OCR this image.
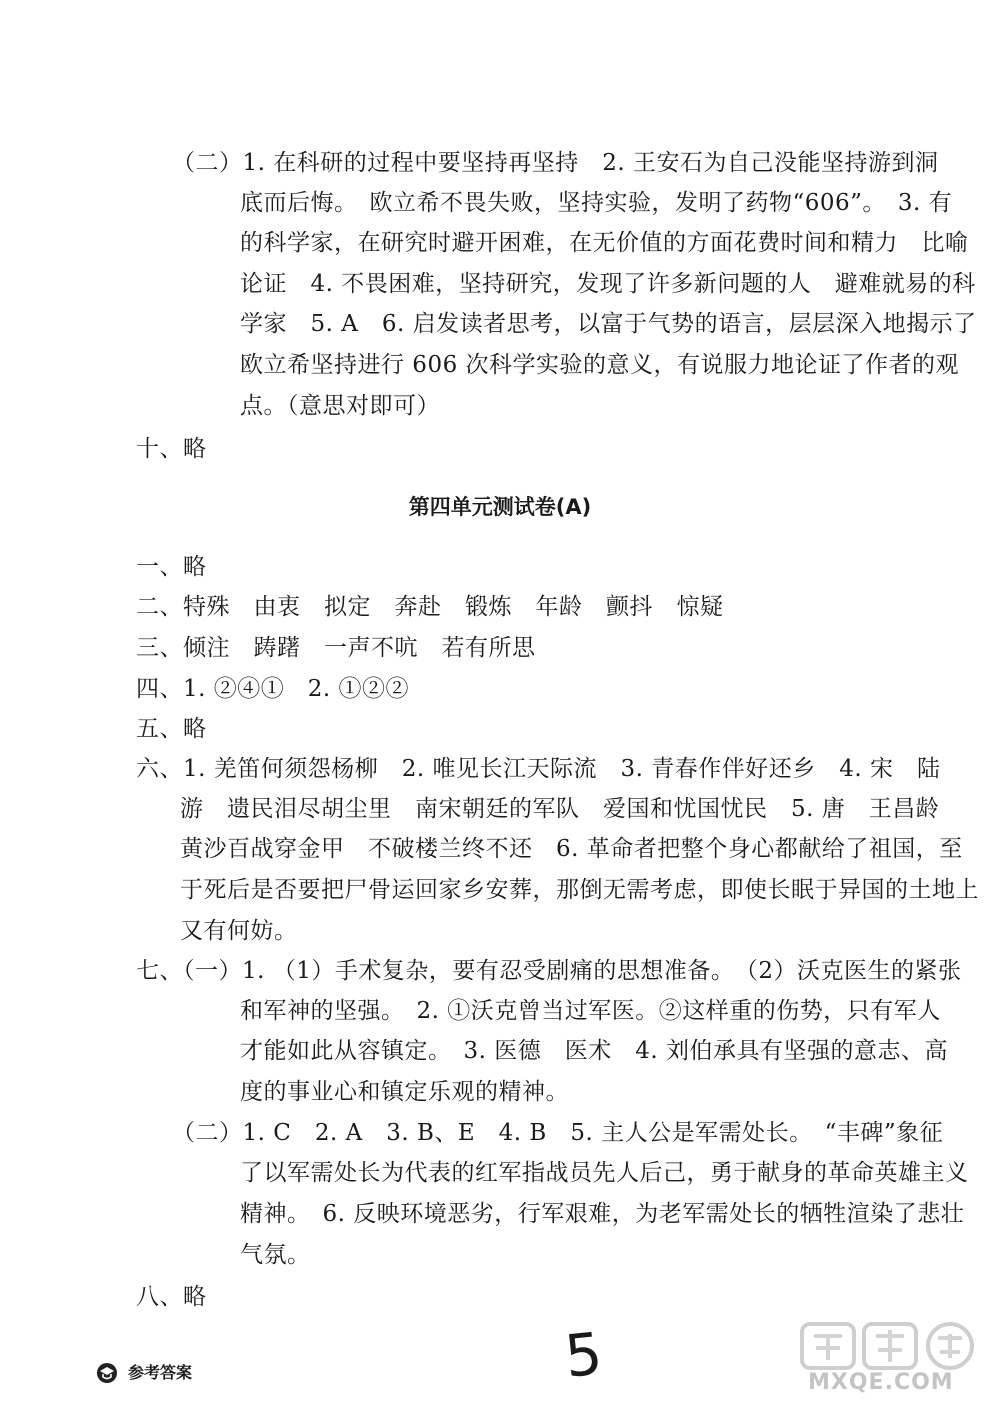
（二）1. 在科研的过程中要坚持再坚持　2. 王安石为自己没能坚持游到洞
底而后悔。　欧立希不畏失败，坚持实验，发明了药物“606”。　3. 有
的科学家，在研究时避开困难，在无价值的方面花费时间和精力　比喻
论证　4. 不畏困难，坚持研究，发现了许多新问题的人　避难就易的科
学家　5. A　6. 启发读者思考，以富于气势的语言，层层深入地揭示了
欧立希坚持进行 606 次科学实验的意义，有说服力地论证了作者的观
点。（意思对即可）
十、略
第四单元测试卷(A)
一、略
二、特殊　由衷　拟定　奔赴　锻炼　年龄　颤抖　惊疑
三、倾注　踌躇　一声不吭　若有所思
四、1. ②④①　2. ①②②
五、略
六、1. 羌笛何须怨杨柳　2. 唯见长江天际流　3. 青春作伴好还乡　4. 宋　陆
游　遗民泪尽胡尘里　南宋朝廷的军队　爱国和忧国忧民　5. 唐　王昌龄
黄沙百战穿金甲　不破楼兰终不还　6. 革命者把整个身心都献给了祖国，至
于死后是否要把尸骨运回家乡安葬，那倒无需考虑，即使长眠于异国的土地上
又有何妨。
七、（一）1. （1）手术复杂，要有忍受剧痛的思想准备。　（2）沃克医生的紧张
和军神的坚强。　2. ①沃克曾当过军医。②这样重的伤势，只有军人
才能如此从容镇定。　3. 医德　医术　4. 刘伯承具有坚强的意志、高
度的事业心和镇定乐观的精神。
（二）1. C　2. A　3. B、E　4. B　5. 主人公是军需处长。　“丰碑”象征
了以军需处长为代表的红军指战员先人后己，勇于献身的革命英雄主义
精神。　6. 反映环境恶劣，行军艰难，为老军需处长的牺牲渲染了悲壮
气氛。
八、略
5
参考答案	MXQE.COM
